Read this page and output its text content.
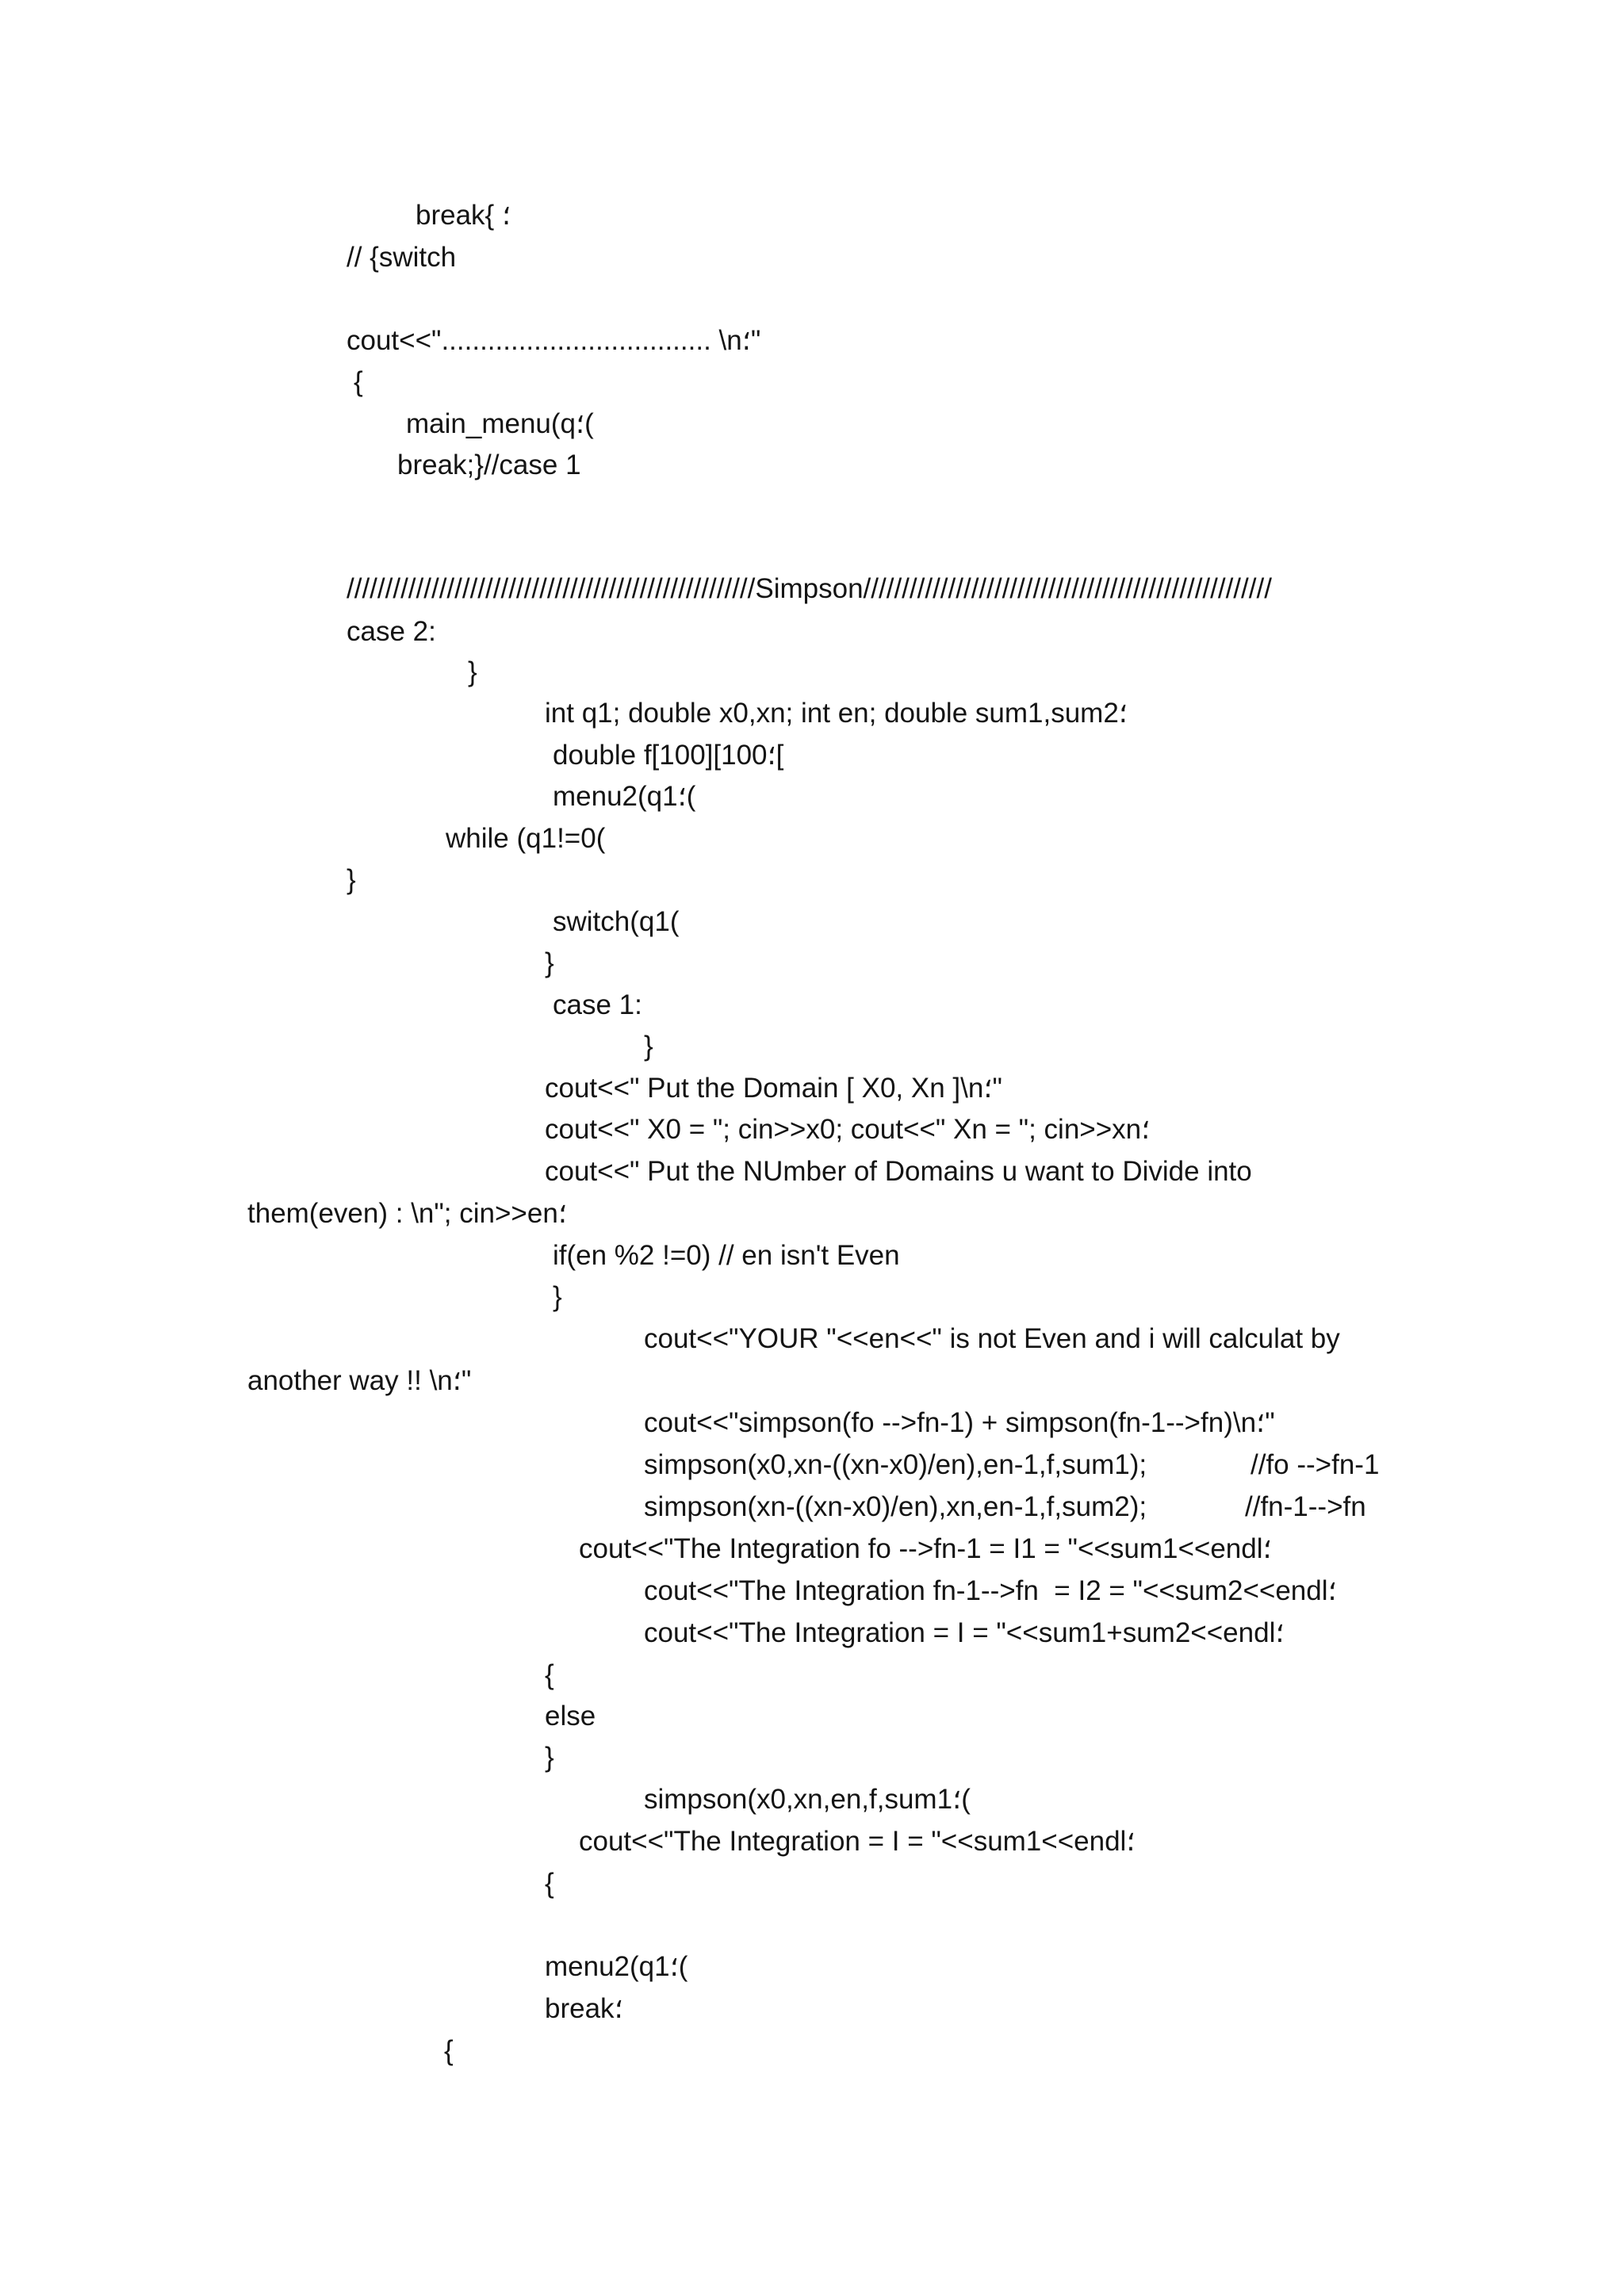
break{ ؛
// {switch
cout<<"................................... \n؛"
{
main_menu(q؛(
break;}//case 1
/////////////////////////////////////////////////////Simpson/////////////////////////////////////////////////////
case 2:
}
int q1; double x0,xn; int en; double sum1,sum2؛
double f[100][100؛[
menu2(q1؛(
while (q1!=0(
}
switch(q1(
}
case 1:
}
cout<<" Put the Domain [ X0, Xn ]\n؛"
cout<<" X0 = "; cin>>x0; cout<<" Xn = "; cin>>xn؛
cout<<" Put the NUmber of Domains u want to Divide into
them(even) : \n"; cin>>en؛
if(en %2 !=0) // en isn't Even
}
cout<<"YOUR "<<en<<" is not Even and i will calculat by
another way !! \n؛"
cout<<"simpson(fo -->fn-1) + simpson(fn-1-->fn)\n؛"
simpson(x0,xn-((xn-x0)/en),en-1,f,sum1);	//fo -->fn-1
simpson(xn-((xn-x0)/en),xn,en-1,f,sum2);	//fn-1-->fn
cout<<"The Integration fo -->fn-1 = I1 = "<<sum1<<endl؛
cout<<"The Integration fn-1-->fn  = I2 = "<<sum2<<endl؛
cout<<"The Integration = I = "<<sum1+sum2<<endl؛
{
else
}
simpson(x0,xn,en,f,sum1؛(
cout<<"The Integration = I = "<<sum1<<endl؛
{
menu2(q1؛(
break؛
{
